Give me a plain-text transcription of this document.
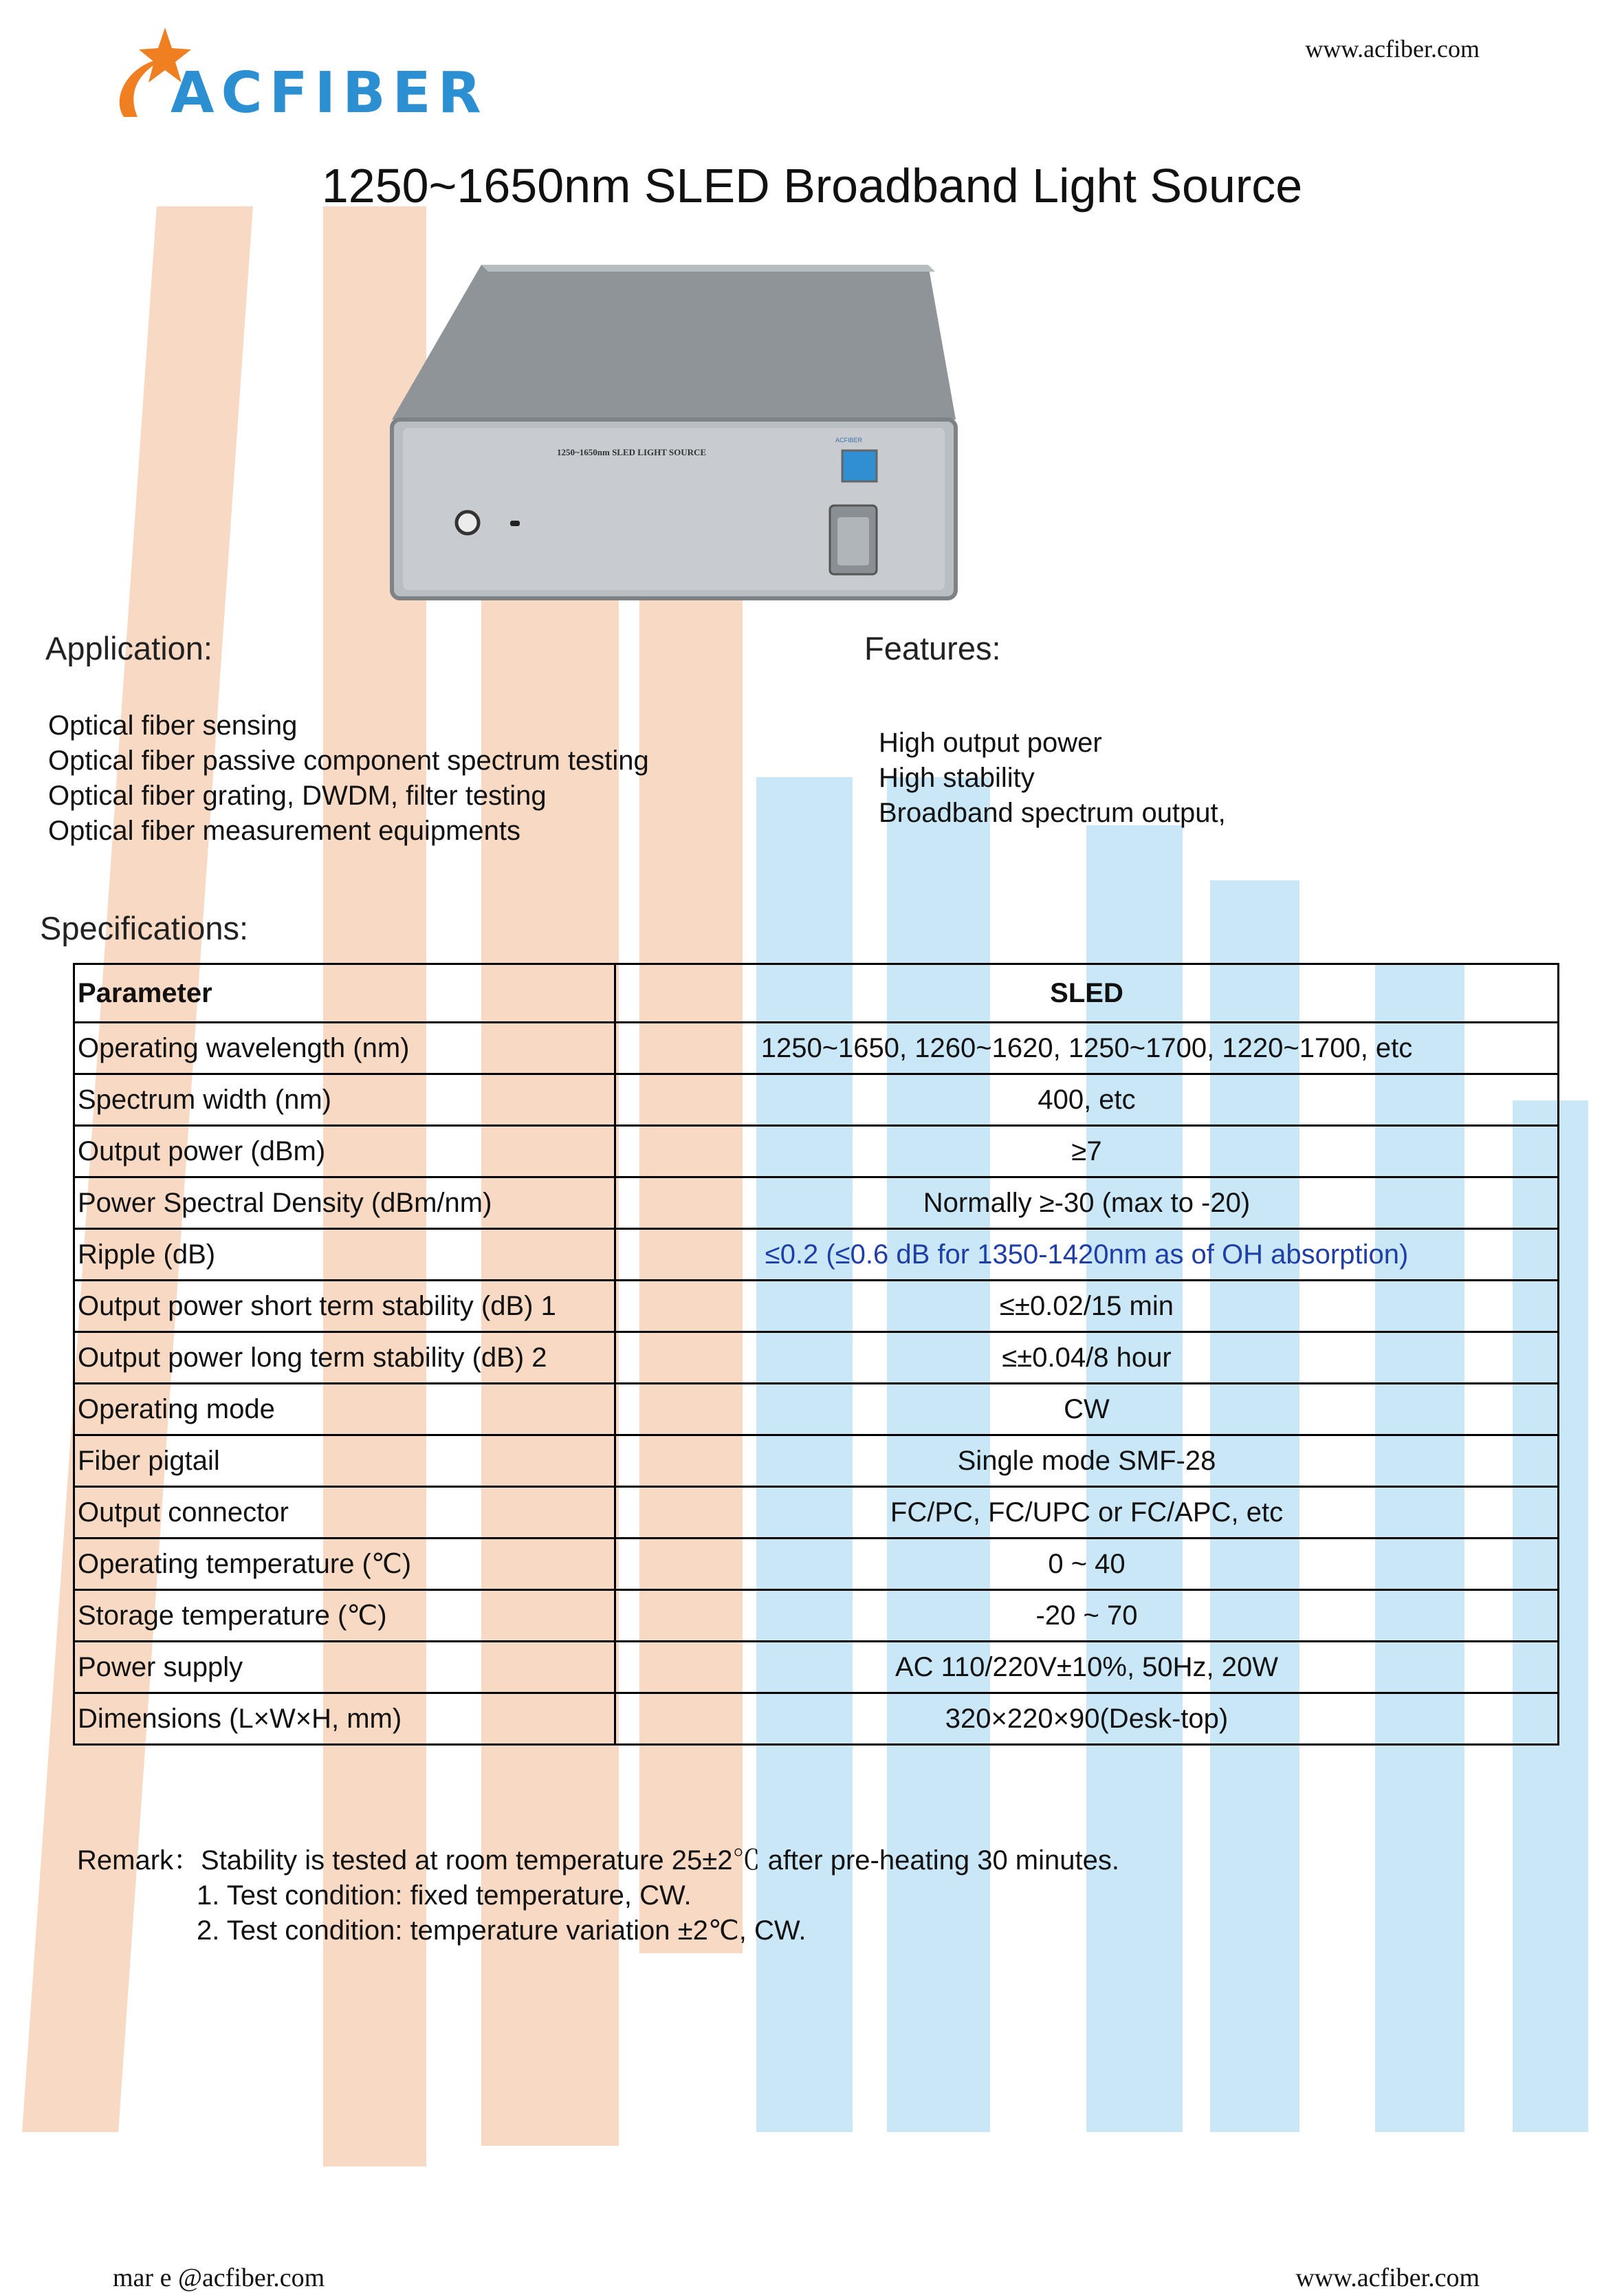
ACFIBER
www.acfiber.com
1250~1650nm SLED Broadband Light Source
1250~1650nm SLED LIGHT SOURCE
ACFIBER
Application:
Optical fiber sensing
Optical fiber passive component spectrum testing
Optical fiber grating, DWDM, filter testing
Optical fiber measurement equipments
Features:
High output power
High stability
Broadband spectrum output,
Specifications:
Parameter	SLED
Operating wavelength (nm)	1250~1650, 1260~1620, 1250~1700, 1220~1700, etc
Spectrum width (nm)	400, etc
Output power (dBm)	≥7
Power Spectral Density (dBm/nm)	Normally ≥-30 (max to -20)
Ripple (dB)	≤0.2 (≤0.6 dB for 1350-1420nm as of OH absorption)
Output power short term stability (dB) 1	≤±0.02/15 min
Output power long term stability (dB) 2	≤±0.04/8 hour
Operating mode	CW
Fiber pigtail	Single mode SMF-28
Output connector	FC/PC, FC/UPC or FC/APC, etc
Operating temperature (℃)	0 ~ 40
Storage temperature (℃)	-20 ~ 70
Power supply	AC 110/220V±10%, 50Hz, 20W
Dimensions (L×W×H, mm)	320×220×90(Desk-top)
Remark：Stability is tested at room temperature 25±2℃ after pre-heating 30 minutes.
1. Test condition: fixed temperature, CW.
2. Test condition: temperature variation ±2℃, CW.
mar e @acfiber.com	www.acfiber.com
